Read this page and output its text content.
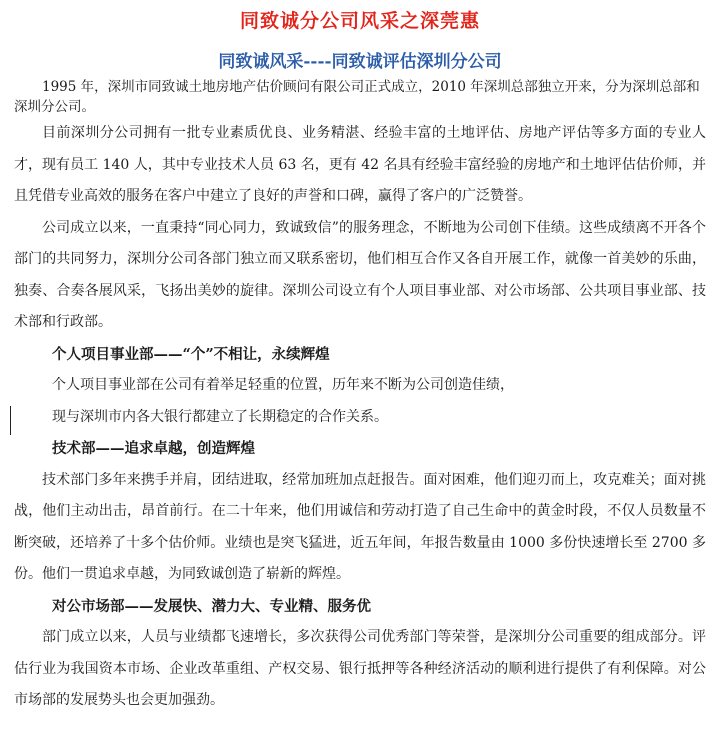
同致诚分公司风采之深莞惠
同致诚风采----同致诚评估深圳分公司

1995 年，深圳市同致诚土地房地产估价顾问有限公司正式成立，2010 年深圳总部独立开来，分为深圳总部和深圳分公司。

目前深圳分公司拥有一批专业素质优良、业务精湛、经验丰富的土地评估、房地产评估等多方面的专业人才，现有员工 140 人，其中专业技术人员 63 名，更有 42 名具有经验丰富经验的房地产和土地评估估价师，并且凭借专业高效的服务在客户中建立了良好的声誉和口碑，赢得了客户的广泛赞誉。

公司成立以来，一直秉持“同心同力，致诚致信”的服务理念，不断地为公司创下佳绩。这些成绩离不开各个部门的共同努力，深圳分公司各部门独立而又联系密切，他们相互合作又各自开展工作，就像一首美妙的乐曲，独奏、合奏各展风采，飞扬出美妙的旋律。深圳公司设立有个人项目事业部、对公市场部、公共项目事业部、技术部和行政部。

个人项目事业部——“个”不相让，永续辉煌

个人项目事业部在公司有着举足轻重的位置，历年来不断为公司创造佳绩，

现与深圳市内各大银行都建立了长期稳定的合作关系。

技术部——追求卓越，创造辉煌

技术部门多年来携手并肩，团结进取，经常加班加点赶报告。面对困难，他们迎刃而上，攻克难关；面对挑战，他们主动出击，昂首前行。在二十年来，他们用诚信和劳动打造了自己生命中的黄金时段，不仅人员数量不断突破，还培养了十多个估价师。业绩也是突飞猛进，近五年间，年报告数量由 1000 多份快速增长至 2700 多份。他们一贯追求卓越，为同致诚创造了崭新的辉煌。

对公市场部——发展快、潜力大、专业精、服务优

部门成立以来，人员与业绩都飞速增长，多次获得公司优秀部门等荣誉，是深圳分公司重要的组成部分。评估行业为我国资本市场、企业改革重组、产权交易、银行抵押等各种经济活动的顺利进行提供了有利保障。对公市场部的发展势头也会更加强劲。
